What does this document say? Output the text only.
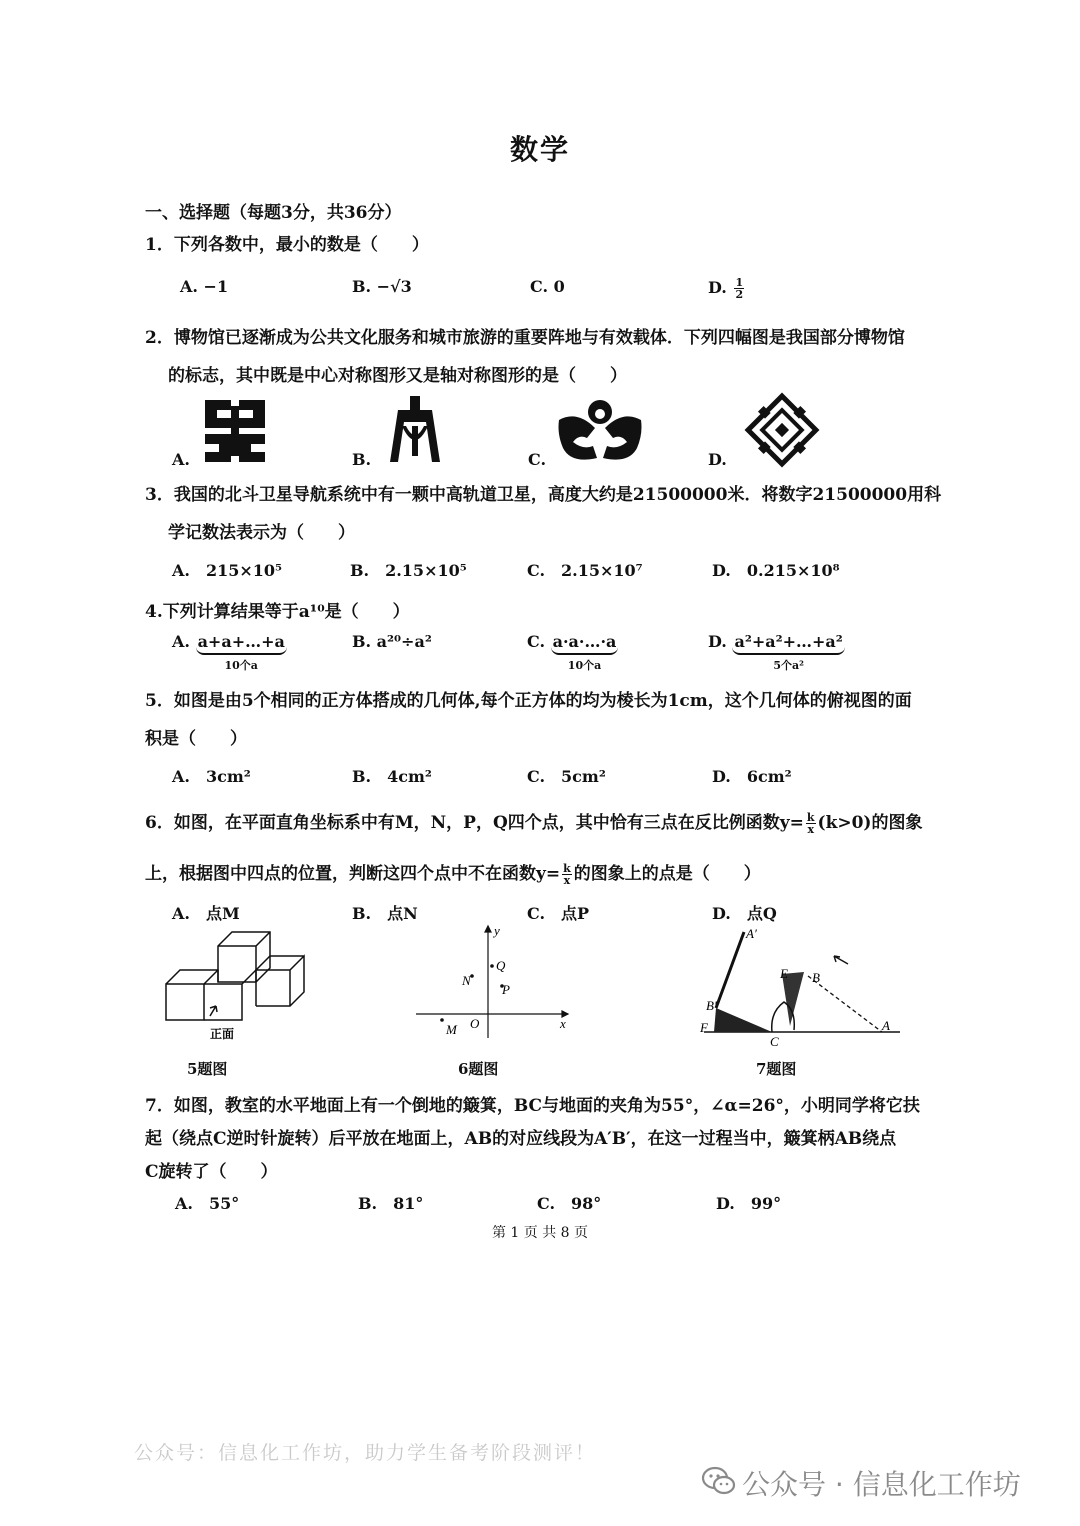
数学
一、选择题（每题3分，共36分）
1．下列各数中，最小的数是（　　）
A. −1	B. −√3	C. 0	D. $\frac{1}{2}$
2．博物馆已逐渐成为公共文化服务和城市旅游的重要阵地与有效载体．下列四幅图是我国部分博物馆
的标志，其中既是中心对称图形又是轴对称图形的是（　　）
A.	B.	C.	D.
3．我国的北斗卫星导航系统中有一颗中高轨道卫星，高度大约是21500000米．将数字21500000用科
学记数法表示为（　　）
A.　215×10⁵	B.　2.15×10⁵	C.　2.15×10⁷	D.　0.215×10⁸
4.下列计算结果等于a¹⁰是（　　）
A. a+a+…+a
10个a
B. a²⁰÷a²	C. a·a·…·a
10个a
D. a²+a²+…+a²
5个a²
5．如图是由5个相同的正方体搭成的几何体,每个正方体的均为棱长为1cm，这个几何体的俯视图的面
积是（　　）
A.　3cm²	B.　4cm²	C.　5cm²	D.　6cm²
6．如图，在平面直角坐标系中有M，N，P，Q四个点，其中恰有三点在反比例函数$y= \frac{k}{x} (k>0)$的图象
上，根据图中四点的位置，判断这四个点中不在函数$y= \frac{k}{x}$ 的图象上的点是（　　）
A.　点M	B.　点N	C.　点P	D.　点Q
正面
5题图
y
x
O
Q
N
P
M
6题图
A′
B′
F
C
E B
A
7题图
7．如图，教室的水平地面上有一个倒地的簸箕，BC与地面的夹角为55°，∠α=26°，小明同学将它扶
起（绕点C逆时针旋转）后平放在地面上，AB的对应线段为A′B′，在这一过程当中，簸箕柄AB绕点
C旋转了（　　）
A.　55°	B.　81°	C.　98°	D.　99°
第 1 页 共 8 页
公众号：信息化工作坊，助力学生备考阶段测评！
公众号 · 信息化工作坊
